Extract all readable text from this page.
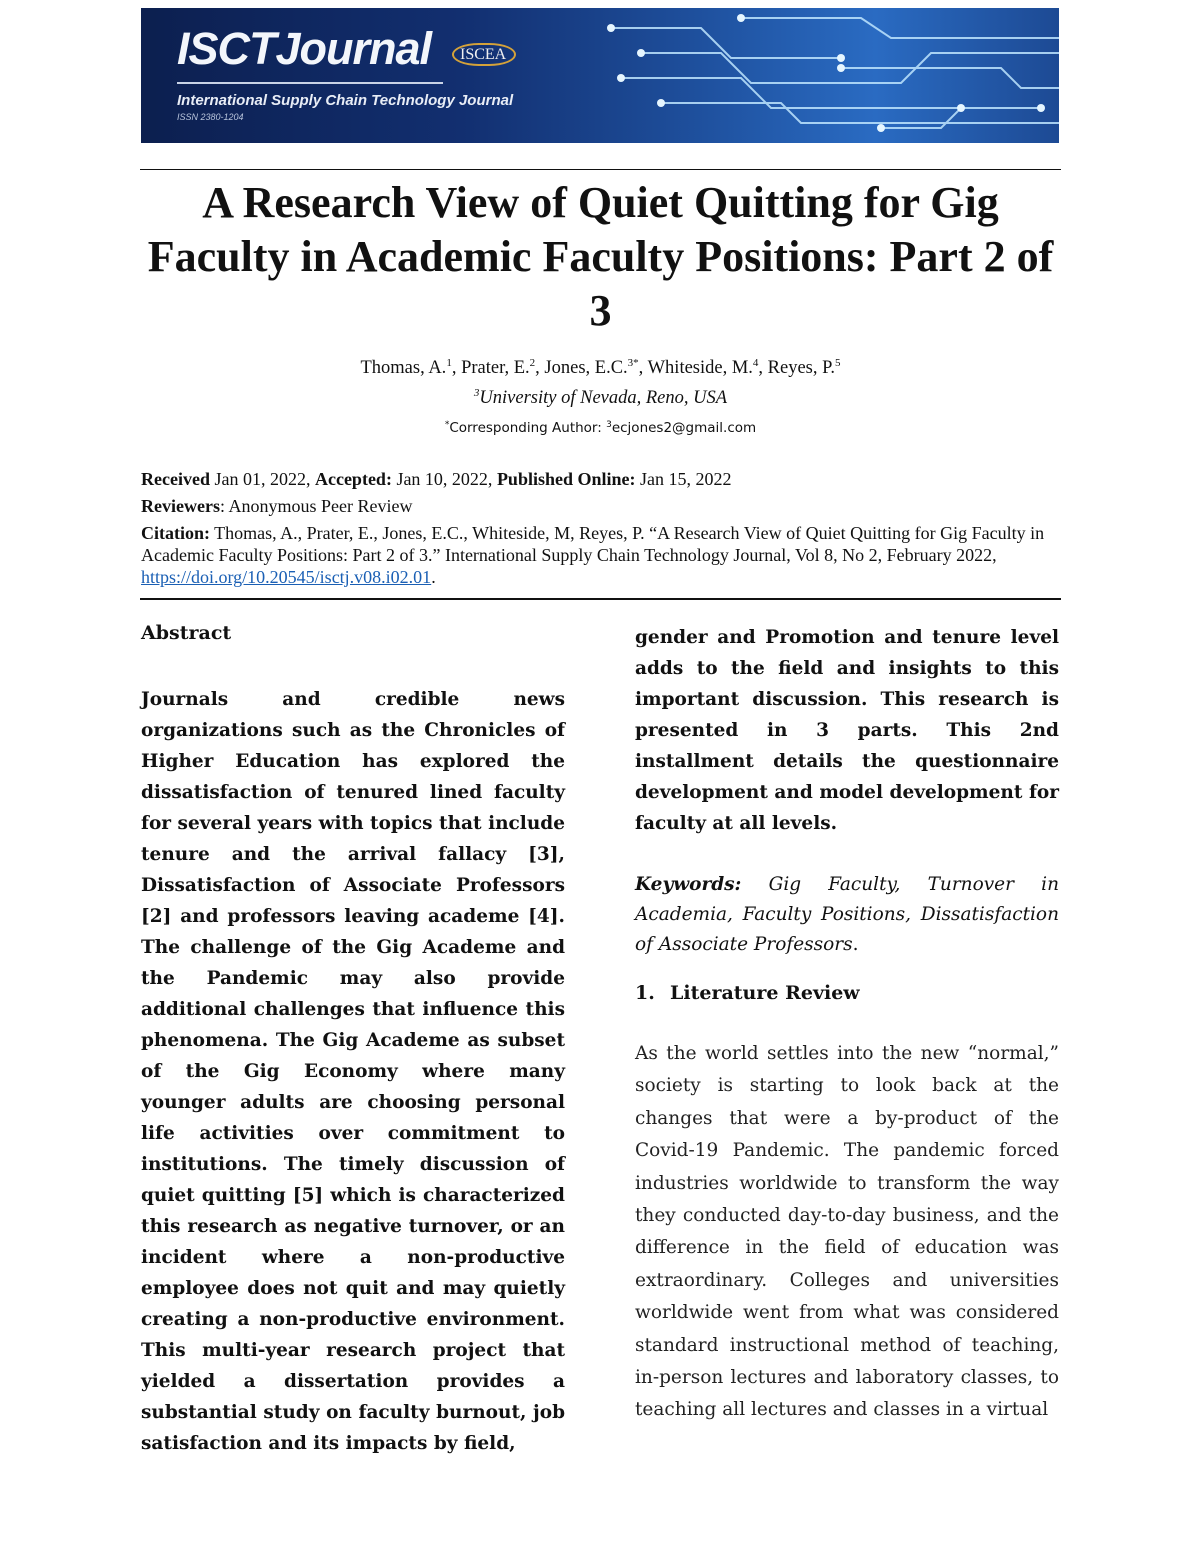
ISCTJournal	ISCEA
International Supply Chain Technology Journal
ISSN 2380-1204
A Research View of Quiet Quitting for Gig Faculty in Academic Faculty Positions: Part 2 of 3
Thomas, A.$^1$, Prater, E.$^2$, Jones, E.C.$^{3*}$, Whiteside, M.$^4$, Reyes, P.$^5$
$^3$University of Nevada, Reno, USA
*Corresponding Author: $^3$ecjones2@gmail.com
Received Jan 01, 2022, Accepted: Jan 10, 2022, Published Online: Jan 15, 2022
Reviewers: Anonymous Peer Review
Citation: Thomas, A., Prater, E., Jones, E.C., Whiteside, M, Reyes, P. “A Research View of Quiet Quitting for Gig Faculty in Academic Faculty Positions: Part 2 of 3.” International Supply Chain Technology Journal, Vol 8, No 2, February 2022, https://doi.org/10.20545/isctj.v08.i02.01.
Abstract

Journals and credible news organizations such as the Chronicles of Higher Education has explored the dissatisfaction of tenured lined faculty for several years with topics that include tenure and the arrival fallacy [3], Dissatisfaction of Associate Professors [2] and professors leaving academe [4]. The challenge of the Gig Academe and the Pandemic may also provide additional challenges that influence this phenomena. The Gig Academe as subset of the Gig Economy where many younger adults are choosing personal life activities over commitment to institutions. The timely discussion of quiet quitting [5] which is characterized this research as negative turnover, or an incident where a non-productive employee does not quit and may quietly creating a non-productive environment. This multi-year research project that yielded a dissertation provides a substantial study on faculty burnout, job satisfaction and its impacts by field,

gender and Promotion and tenure level adds to the field and insights to this important discussion. This research is presented in 3 parts. This 2nd installment details the questionnaire development and model development for faculty at all levels.

Keywords: Gig Faculty, Turnover in Academia, Faculty Positions, Dissatisfaction of Associate Professors.

1. Literature Review

As the world settles into the new “normal,” society is starting to look back at the changes that were a by-product of the Covid-19 Pandemic. The pandemic forced industries worldwide to transform the way they conducted day-to-day business, and the difference in the field of education was extraordinary. Colleges and universities worldwide went from what was considered standard instructional method of teaching, in-person lectures and laboratory classes, to teaching all lectures and classes in a virtual
